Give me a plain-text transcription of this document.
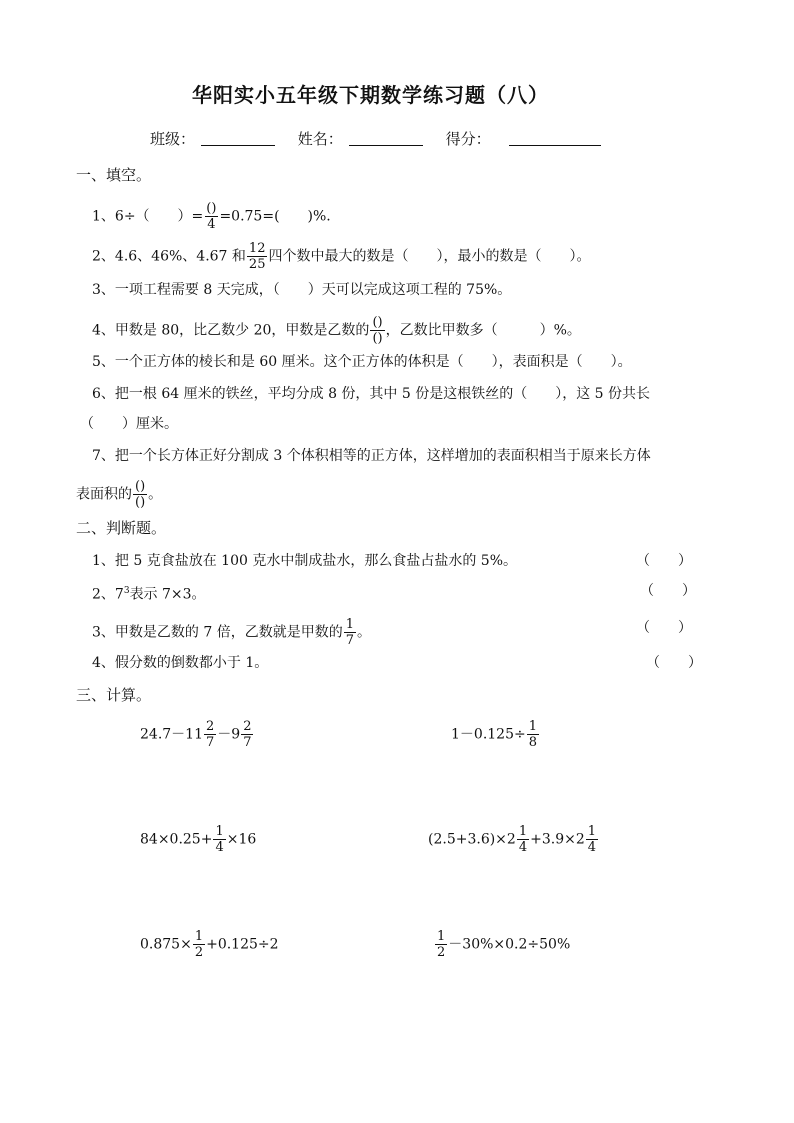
华阳实小五年级下期数学练习题（八）
班级：	姓名：	得分：
一、填空。
1、6÷（　　）= $\frac{()}{4} =0.75=$(　　)%.
2、4.6、46%、4.67 和 $\frac{12}{25}$ 四个数中最大的数是（　　），最小的数是（　　）。
3、一项工程需要 8 天完成，（　　）天可以完成这项工程的 75%。
4、甲数是 80，比乙数少 20，甲数是乙数的 $\frac{()}{()}$ ，乙数比甲数多（　　　）%。
5、一个正方体的棱长和是 60 厘米。这个正方体的体积是（　　），表面积是（　　）。
6、把一根 64 厘米的铁丝，平均分成 8 份，其中 5 份是这根铁丝的（　　），这 5 份共长
（　　）厘米。
7、把一个长方体正好分割成 3 个体积相等的正方体，这样增加的表面积相当于原来长方体
表面积的 $\frac{()}{()}$ 。
二、判断题。
1、把 5 克食盐放在 100 克水中制成盐水，那么食盐占盐水的 5%。	（　　）
2、$7^3$表示 7×3。	（　　）
3、甲数是乙数的 7 倍，乙数就是甲数的 $\frac{1}{7}$ 。	（　　）
4、假分数的倒数都小于 1。	（　　）
三、计算。
$24.7-11 \frac{2}{7} -9 \frac{2}{7}$	$1-0.125\div \frac{1}{8}$
$84\times 0.25+ \frac{1}{4} \times 16$	$(2.5+3.6)\times 2 \frac{1}{4} +3.9\times 2 \frac{1}{4}$
$0.875\times \frac{1}{2} +0.125\div 2$	$\frac{1}{2} -30\%\times 0.2\div 50\%$
